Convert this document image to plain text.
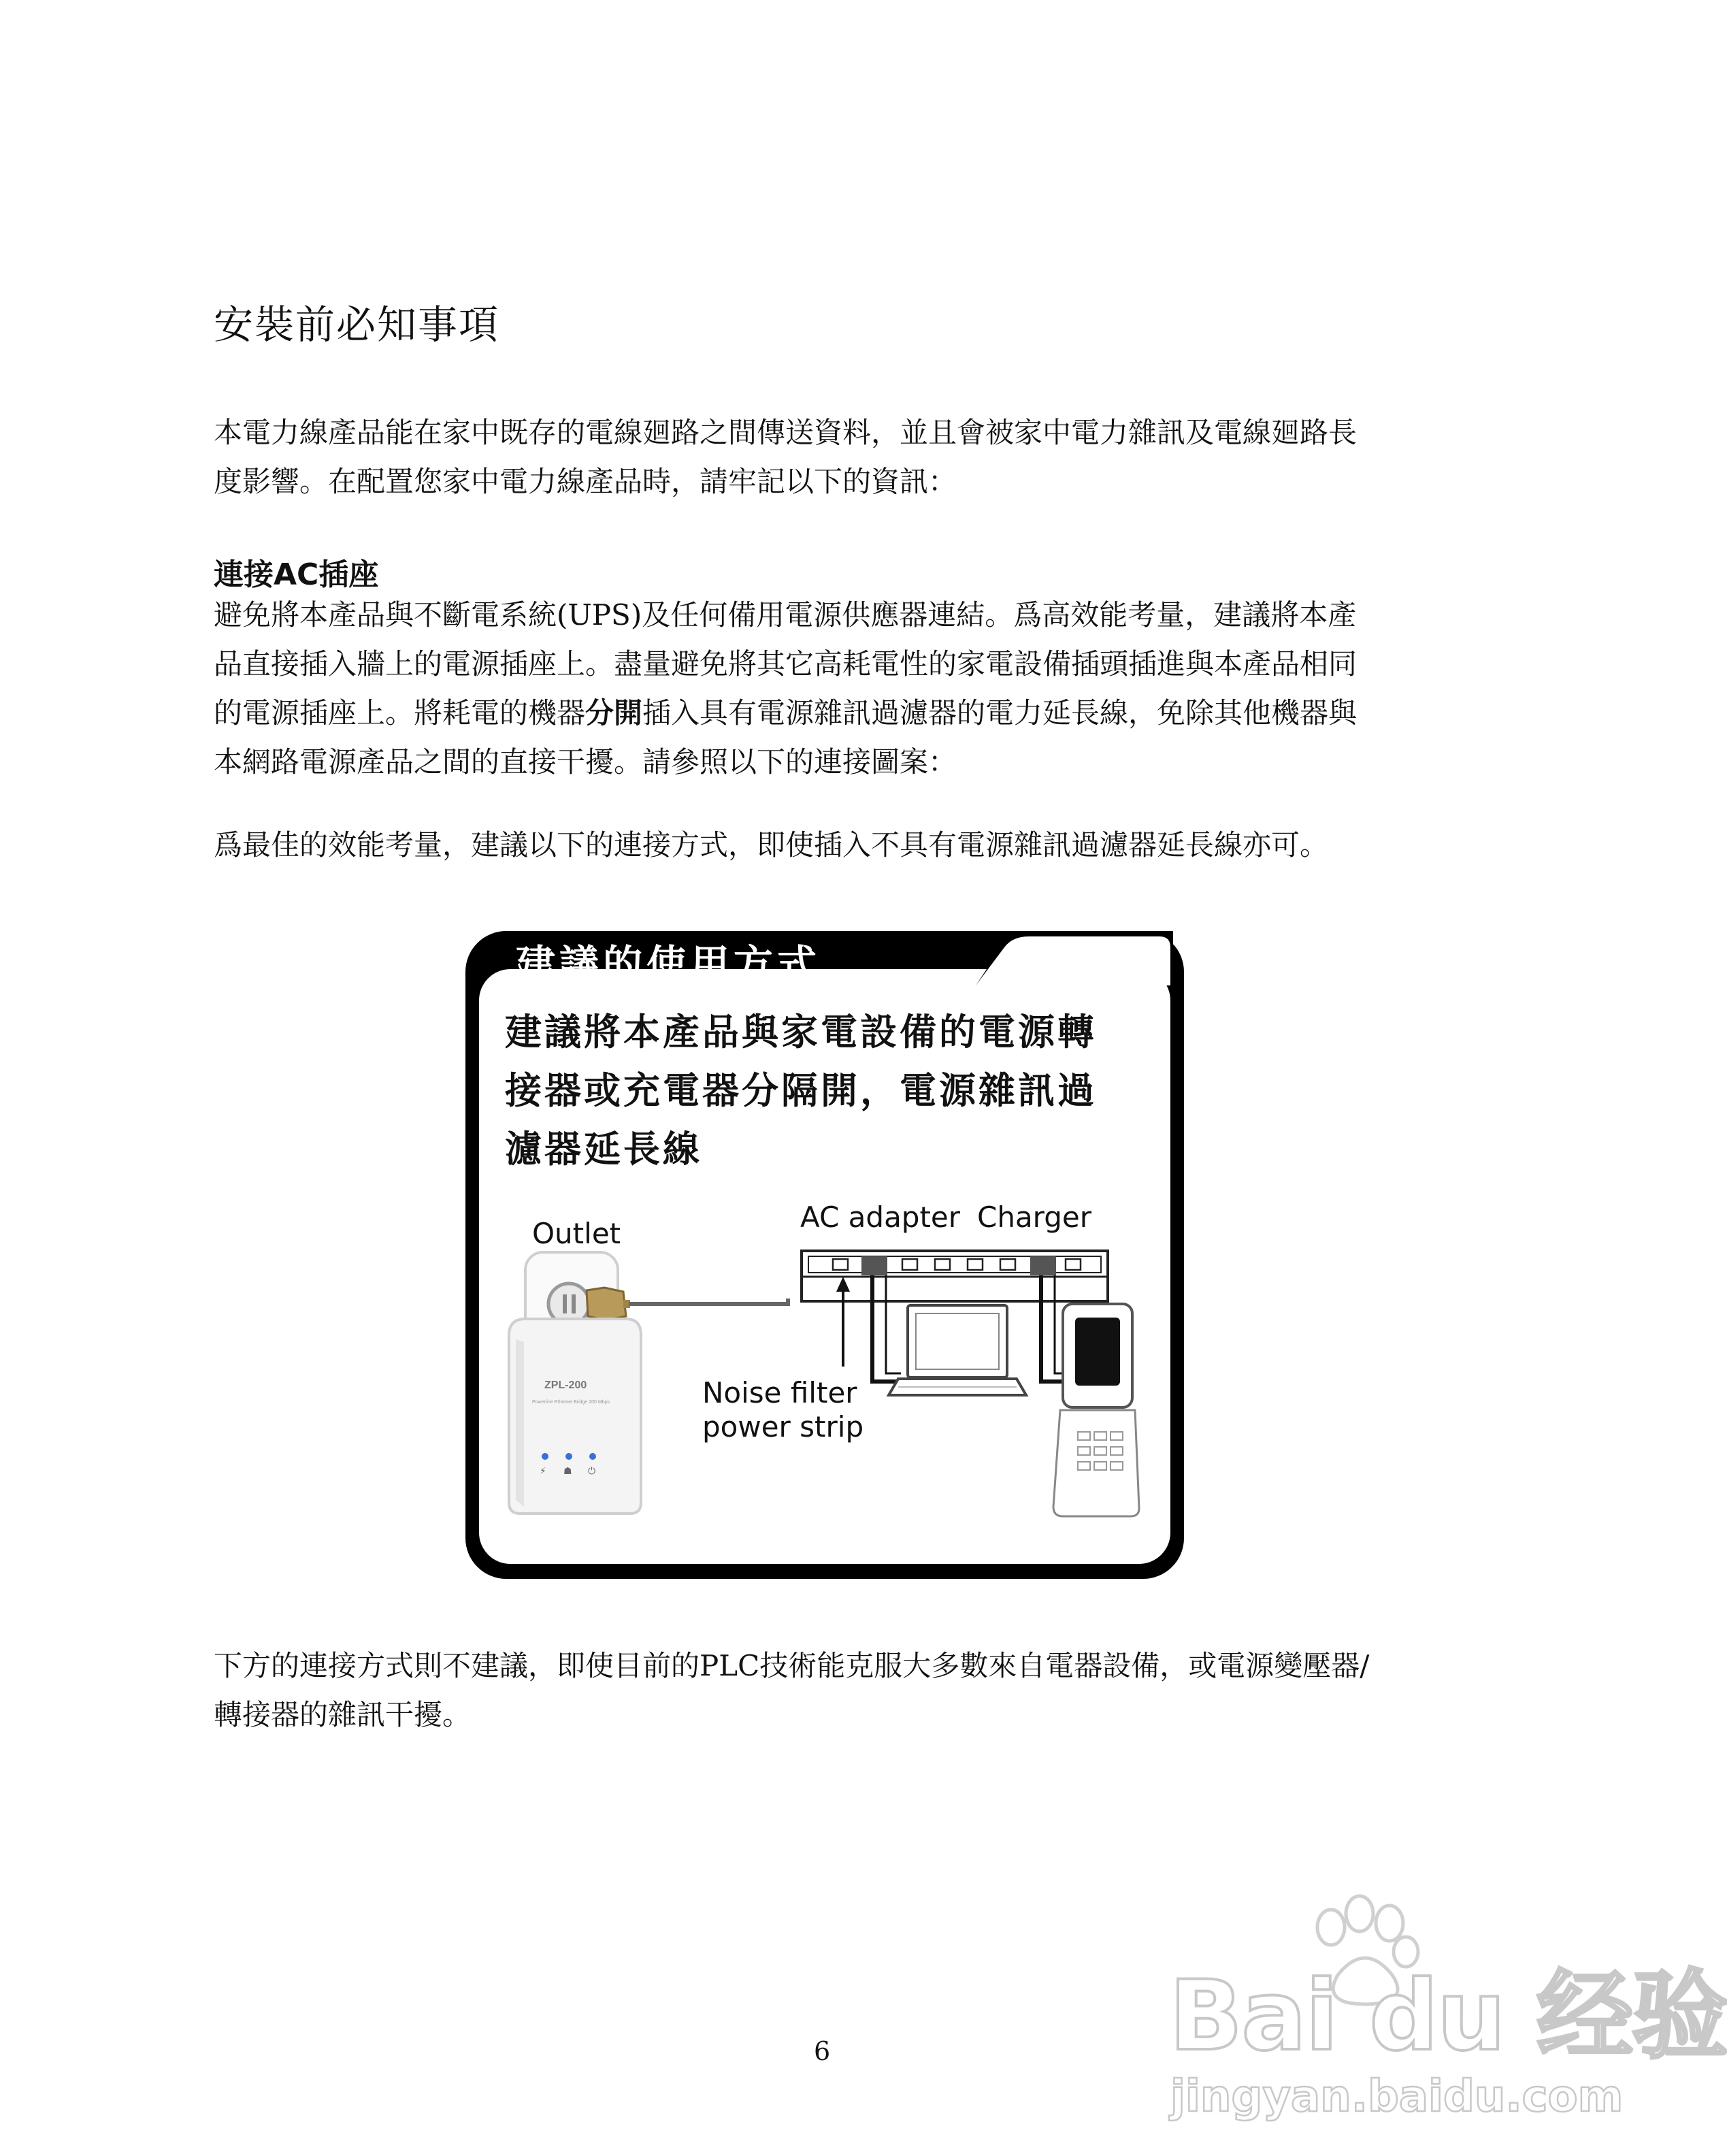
安裝前必知事項
本電力線產品能在家中既存的電線廻路之間傳送資料，並且會被家中電力雜訊及電線廻路長
度影響。在配置您家中電力線產品時，請牢記以下的資訊：
連接AC插座
避免將本產品與不斷電系統(UPS)及任何備用電源供應器連結。爲高效能考量，建議將本產
品直接插入牆上的電源插座上。盡量避免將其它高耗電性的家電設備插頭插進與本產品相同
的電源插座上。將耗電的機器分開插入具有電源雜訊過濾器的電力延長線，免除其他機器與
本網路電源產品之間的直接干擾。請參照以下的連接圖案：
爲最佳的效能考量，建議以下的連接方式，即使插入不具有電源雜訊過濾器延長線亦可。
建議的使用方式
建議將本產品與家電設備的電源轉
接器或充電器分隔開，電源雜訊過
濾器延長線
ZPL-200
Powerline Ethernet Bridge 200 Mbps
⚡ ☗ ⏻
Outlet	AC adapter Charger
Noise filter
power strip
下方的連接方式則不建議，即使目前的PLC技術能克服大多數來自電器設備，或電源變壓器/
轉接器的雜訊干擾。
6	Bai du 经验
jingyan.baidu.com
